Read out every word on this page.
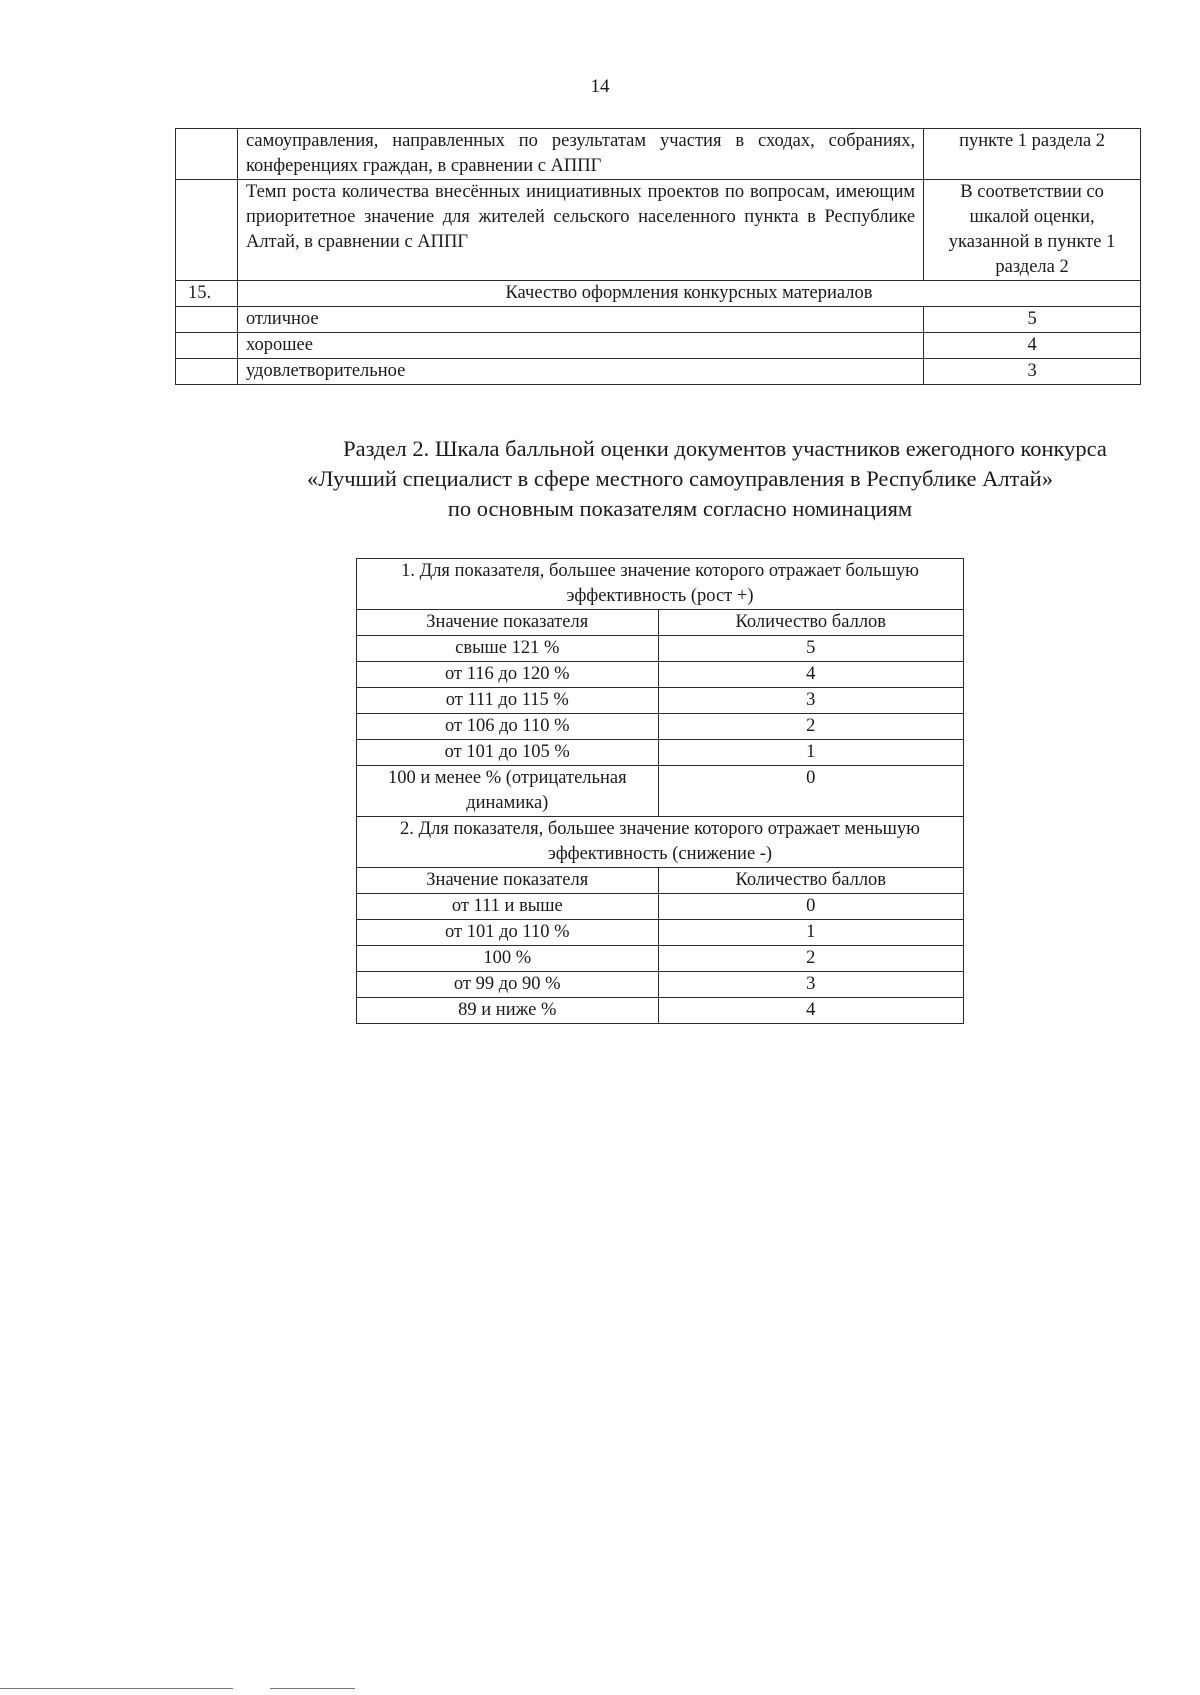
14
	самоуправления, направленных по результатам участия в сходах, собраниях, конференциях граждан, в сравнении с АППГ	пункте 1 раздела 2
	Темп роста количества внесённых инициативных проектов по вопросам, имеющим приоритетное значение для жителей сельского населенного пункта в Республике Алтай, в сравнении с АППГ	В соответствии со шкалой оценки, указанной в пункте 1 раздела 2
15.	Качество оформления конкурсных материалов	
	отличное	5
	хорошее	4
	удовлетворительное	3
Раздел 2. Шкала балльной оценки документов участников ежегодного конкурса
«Лучший специалист в сфере местного самоуправления в Республике Алтай»
по основным показателям согласно номинациям
1. Для показателя, большее значение которого отражает большую эффективность (рост +)	
Значение показателя	Количество баллов
свыше 121 %	5
от 116 до 120 %	4
от 111 до 115 %	3
от 106 до 110 %	2
от 101 до 105 %	1
100 и менее % (отрицательная динамика)	0
2. Для показателя, большее значение которого отражает меньшую эффективность (снижение -)	
Значение показателя	Количество баллов
от 111 и выше	0
от 101 до 110 %	1
100 %	2
от 99 до 90 %	3
89 и ниже %	4
